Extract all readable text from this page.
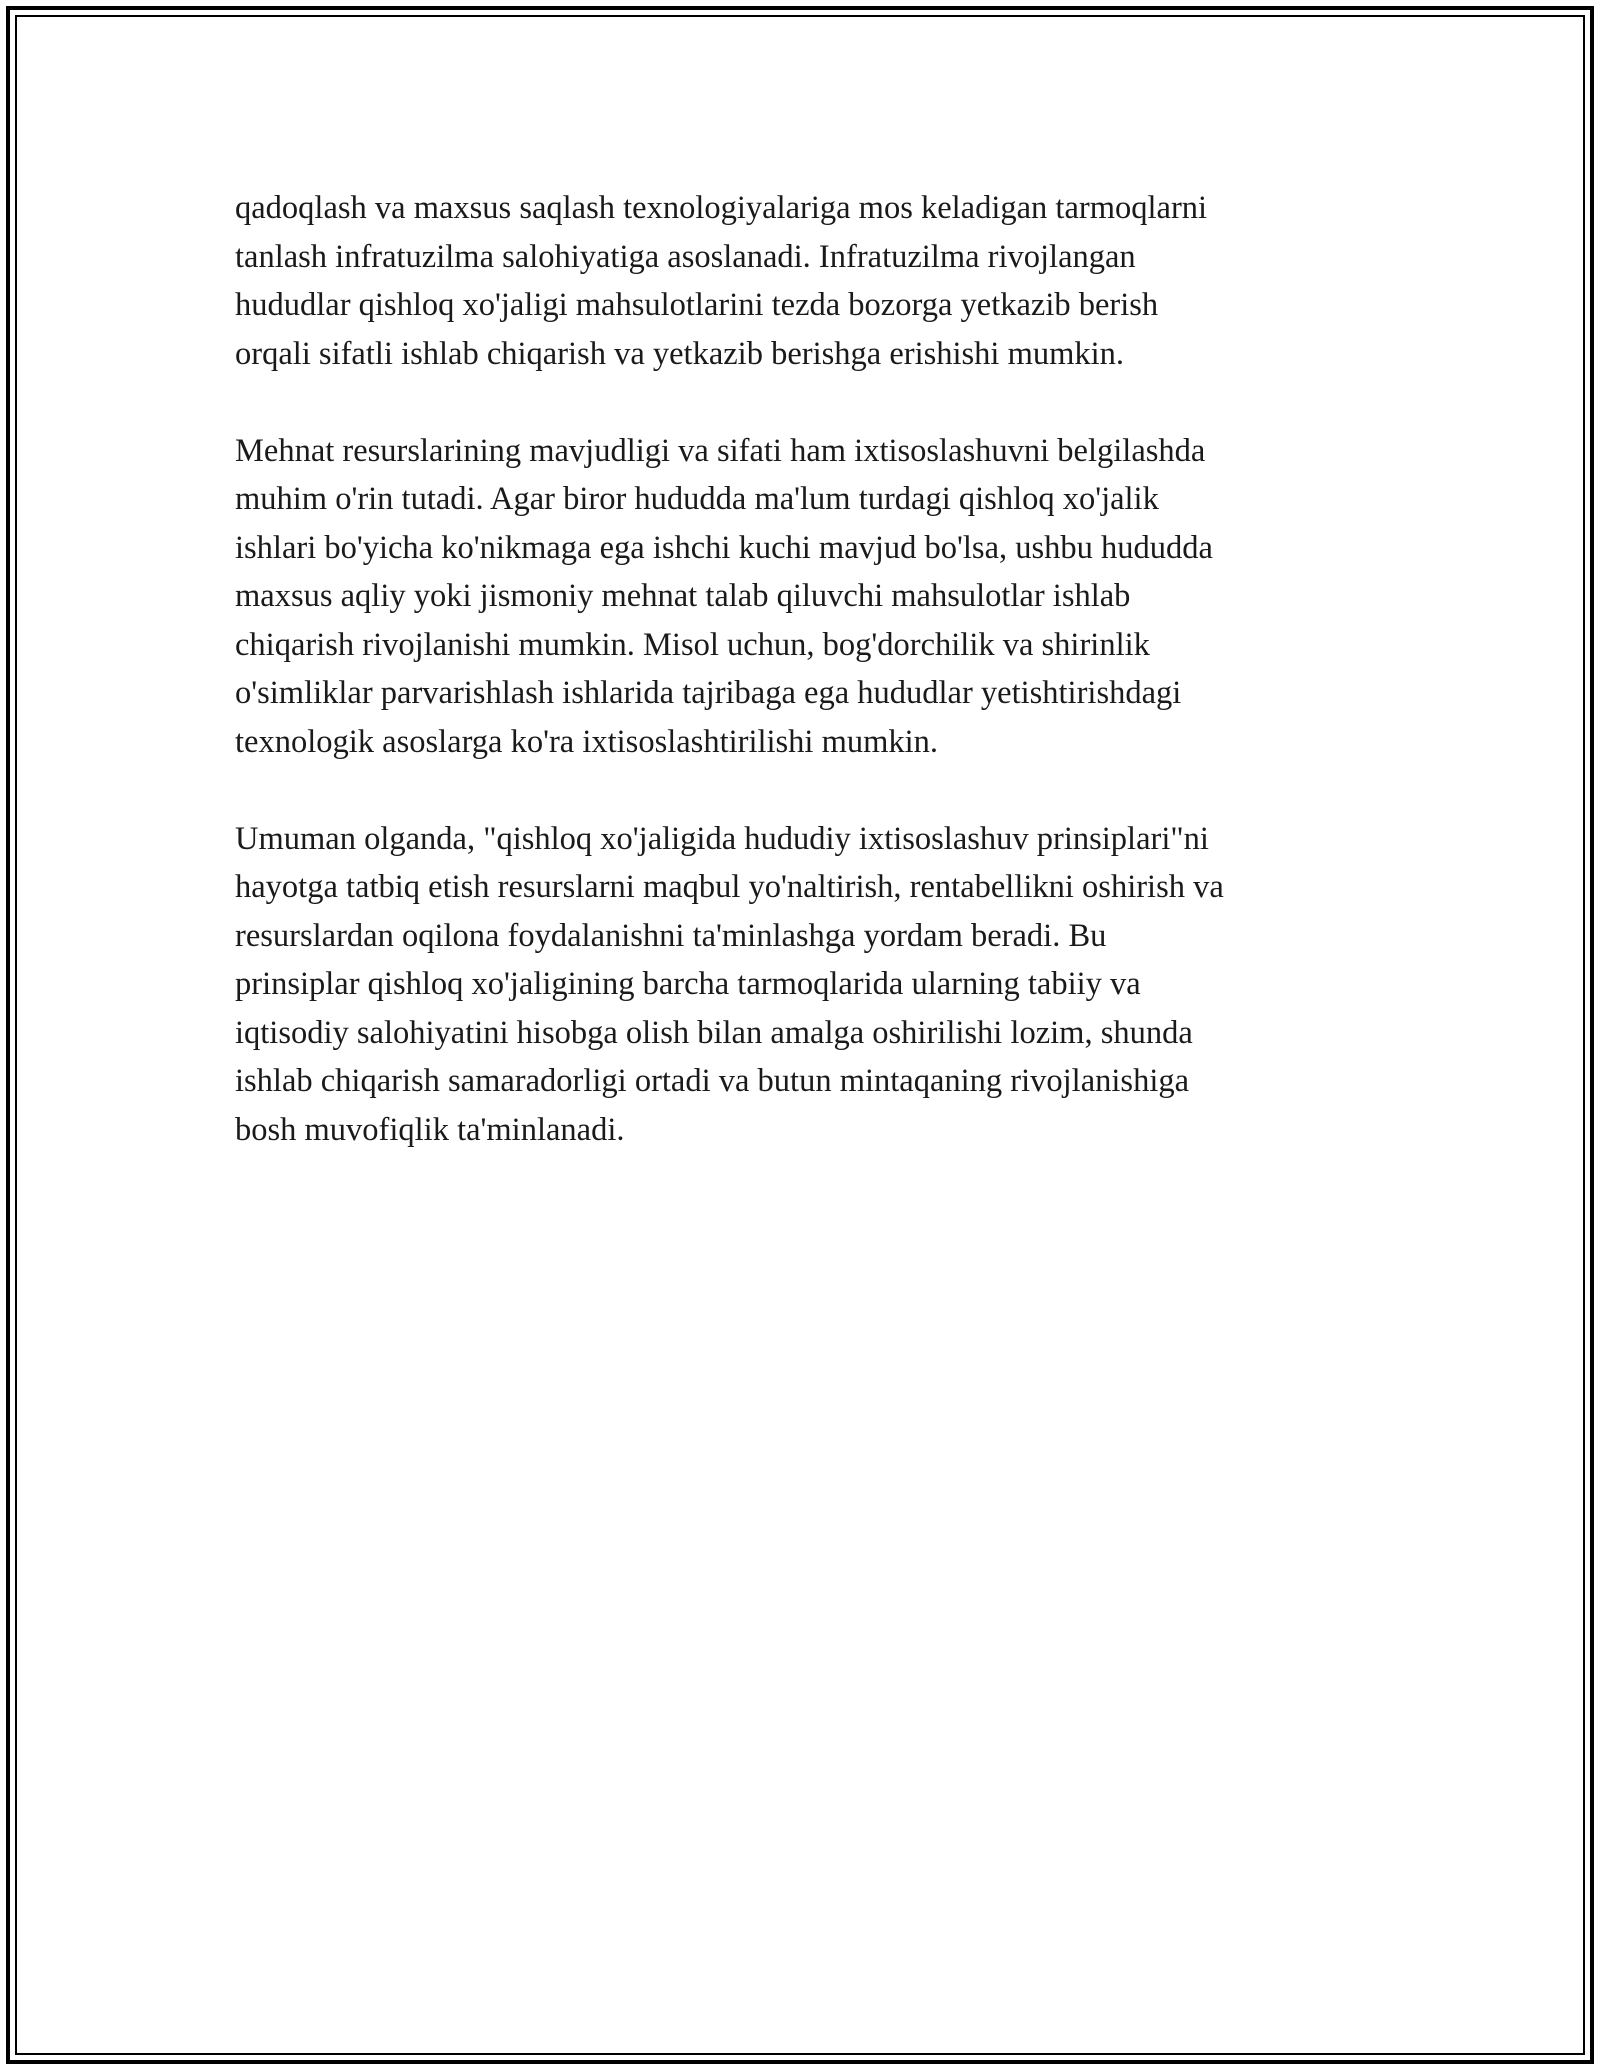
qadoqlash va maxsus saqlash texnologiyalariga mos keladigan tarmoqlarni
tanlash infratuzilma salohiyatiga asoslanadi. Infratuzilma rivojlangan
hududlar qishloq xo'jaligi mahsulotlarini tezda bozorga yetkazib berish
orqali sifatli ishlab chiqarish va yetkazib berishga erishishi mumkin.

Mehnat resurslarining mavjudligi va sifati ham ixtisoslashuvni belgilashda
muhim o'rin tutadi. Agar biror hududda ma'lum turdagi qishloq xo'jalik
ishlari bo'yicha ko'nikmaga ega ishchi kuchi mavjud bo'lsa, ushbu hududda
maxsus aqliy yoki jismoniy mehnat talab qiluvchi mahsulotlar ishlab
chiqarish rivojlanishi mumkin. Misol uchun, bog'dorchilik va shirinlik
o'simliklar parvarishlash ishlarida tajribaga ega hududlar yetishtirishdagi
texnologik asoslarga ko'ra ixtisoslashtirilishi mumkin.

Umuman olganda, "qishloq xo'jaligida hududiy ixtisoslashuv prinsiplari"ni
hayotga tatbiq etish resurslarni maqbul yo'naltirish, rentabellikni oshirish va
resurslardan oqilona foydalanishni ta'minlashga yordam beradi. Bu
prinsiplar qishloq xo'jaligining barcha tarmoqlarida ularning tabiiy va
iqtisodiy salohiyatini hisobga olish bilan amalga oshirilishi lozim, shunda
ishlab chiqarish samaradorligi ortadi va butun mintaqaning rivojlanishiga
bosh muvofiqlik ta'minlanadi.
